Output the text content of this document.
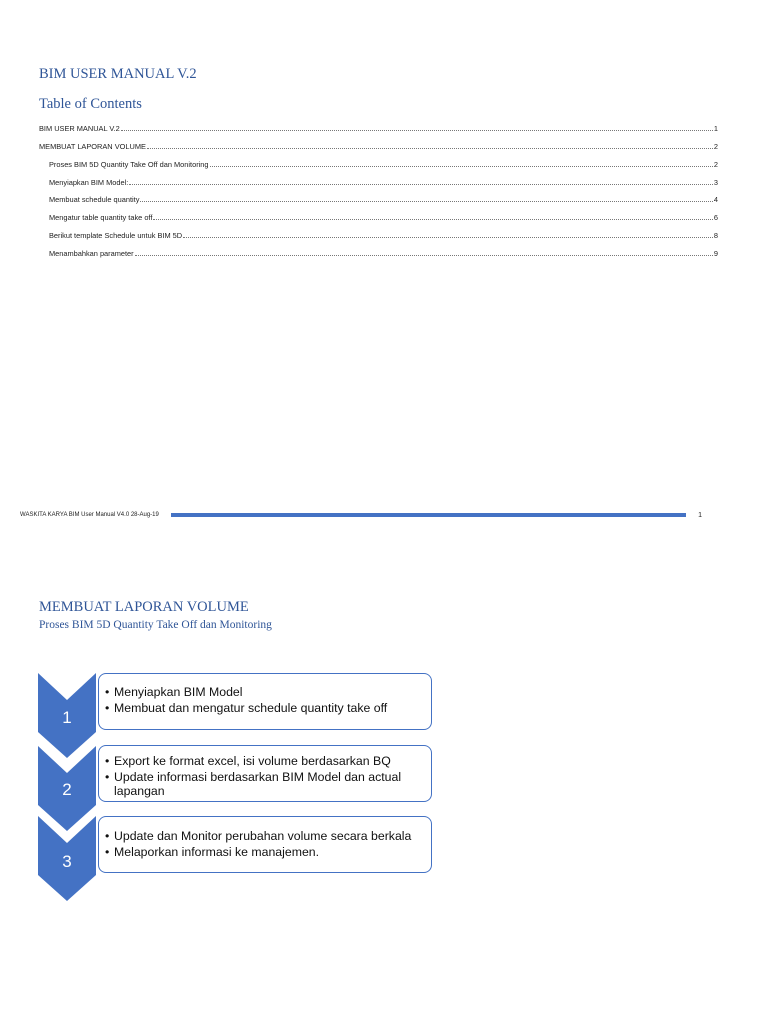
BIM USER MANUAL V.2
Table of Contents
BIM USER MANUAL V.2	1
MEMBUAT LAPORAN VOLUME	2
Proses BIM 5D Quantity Take Off dan Monitoring	2
Menyiapkan BIM Model:	3
Membuat schedule quantity	4
Mengatur table quantity take off	6
Berikut template Schedule untuk BIM 5D	8
Menambahkan parameter	9
WASKITA KARYA BIM User Manual V4.0 28-Aug-19	1
MEMBUAT LAPORAN VOLUME
Proses BIM 5D Quantity Take Off dan Monitoring
1
• Menyiapkan BIM Model
• Membuat dan mengatur schedule quantity take off
2
• Export ke format excel, isi volume berdasarkan BQ
• Update informasi berdasarkan BIM Model dan actual lapangan
3
• Update dan Monitor perubahan volume secara berkala
• Melaporkan informasi ke manajemen.
